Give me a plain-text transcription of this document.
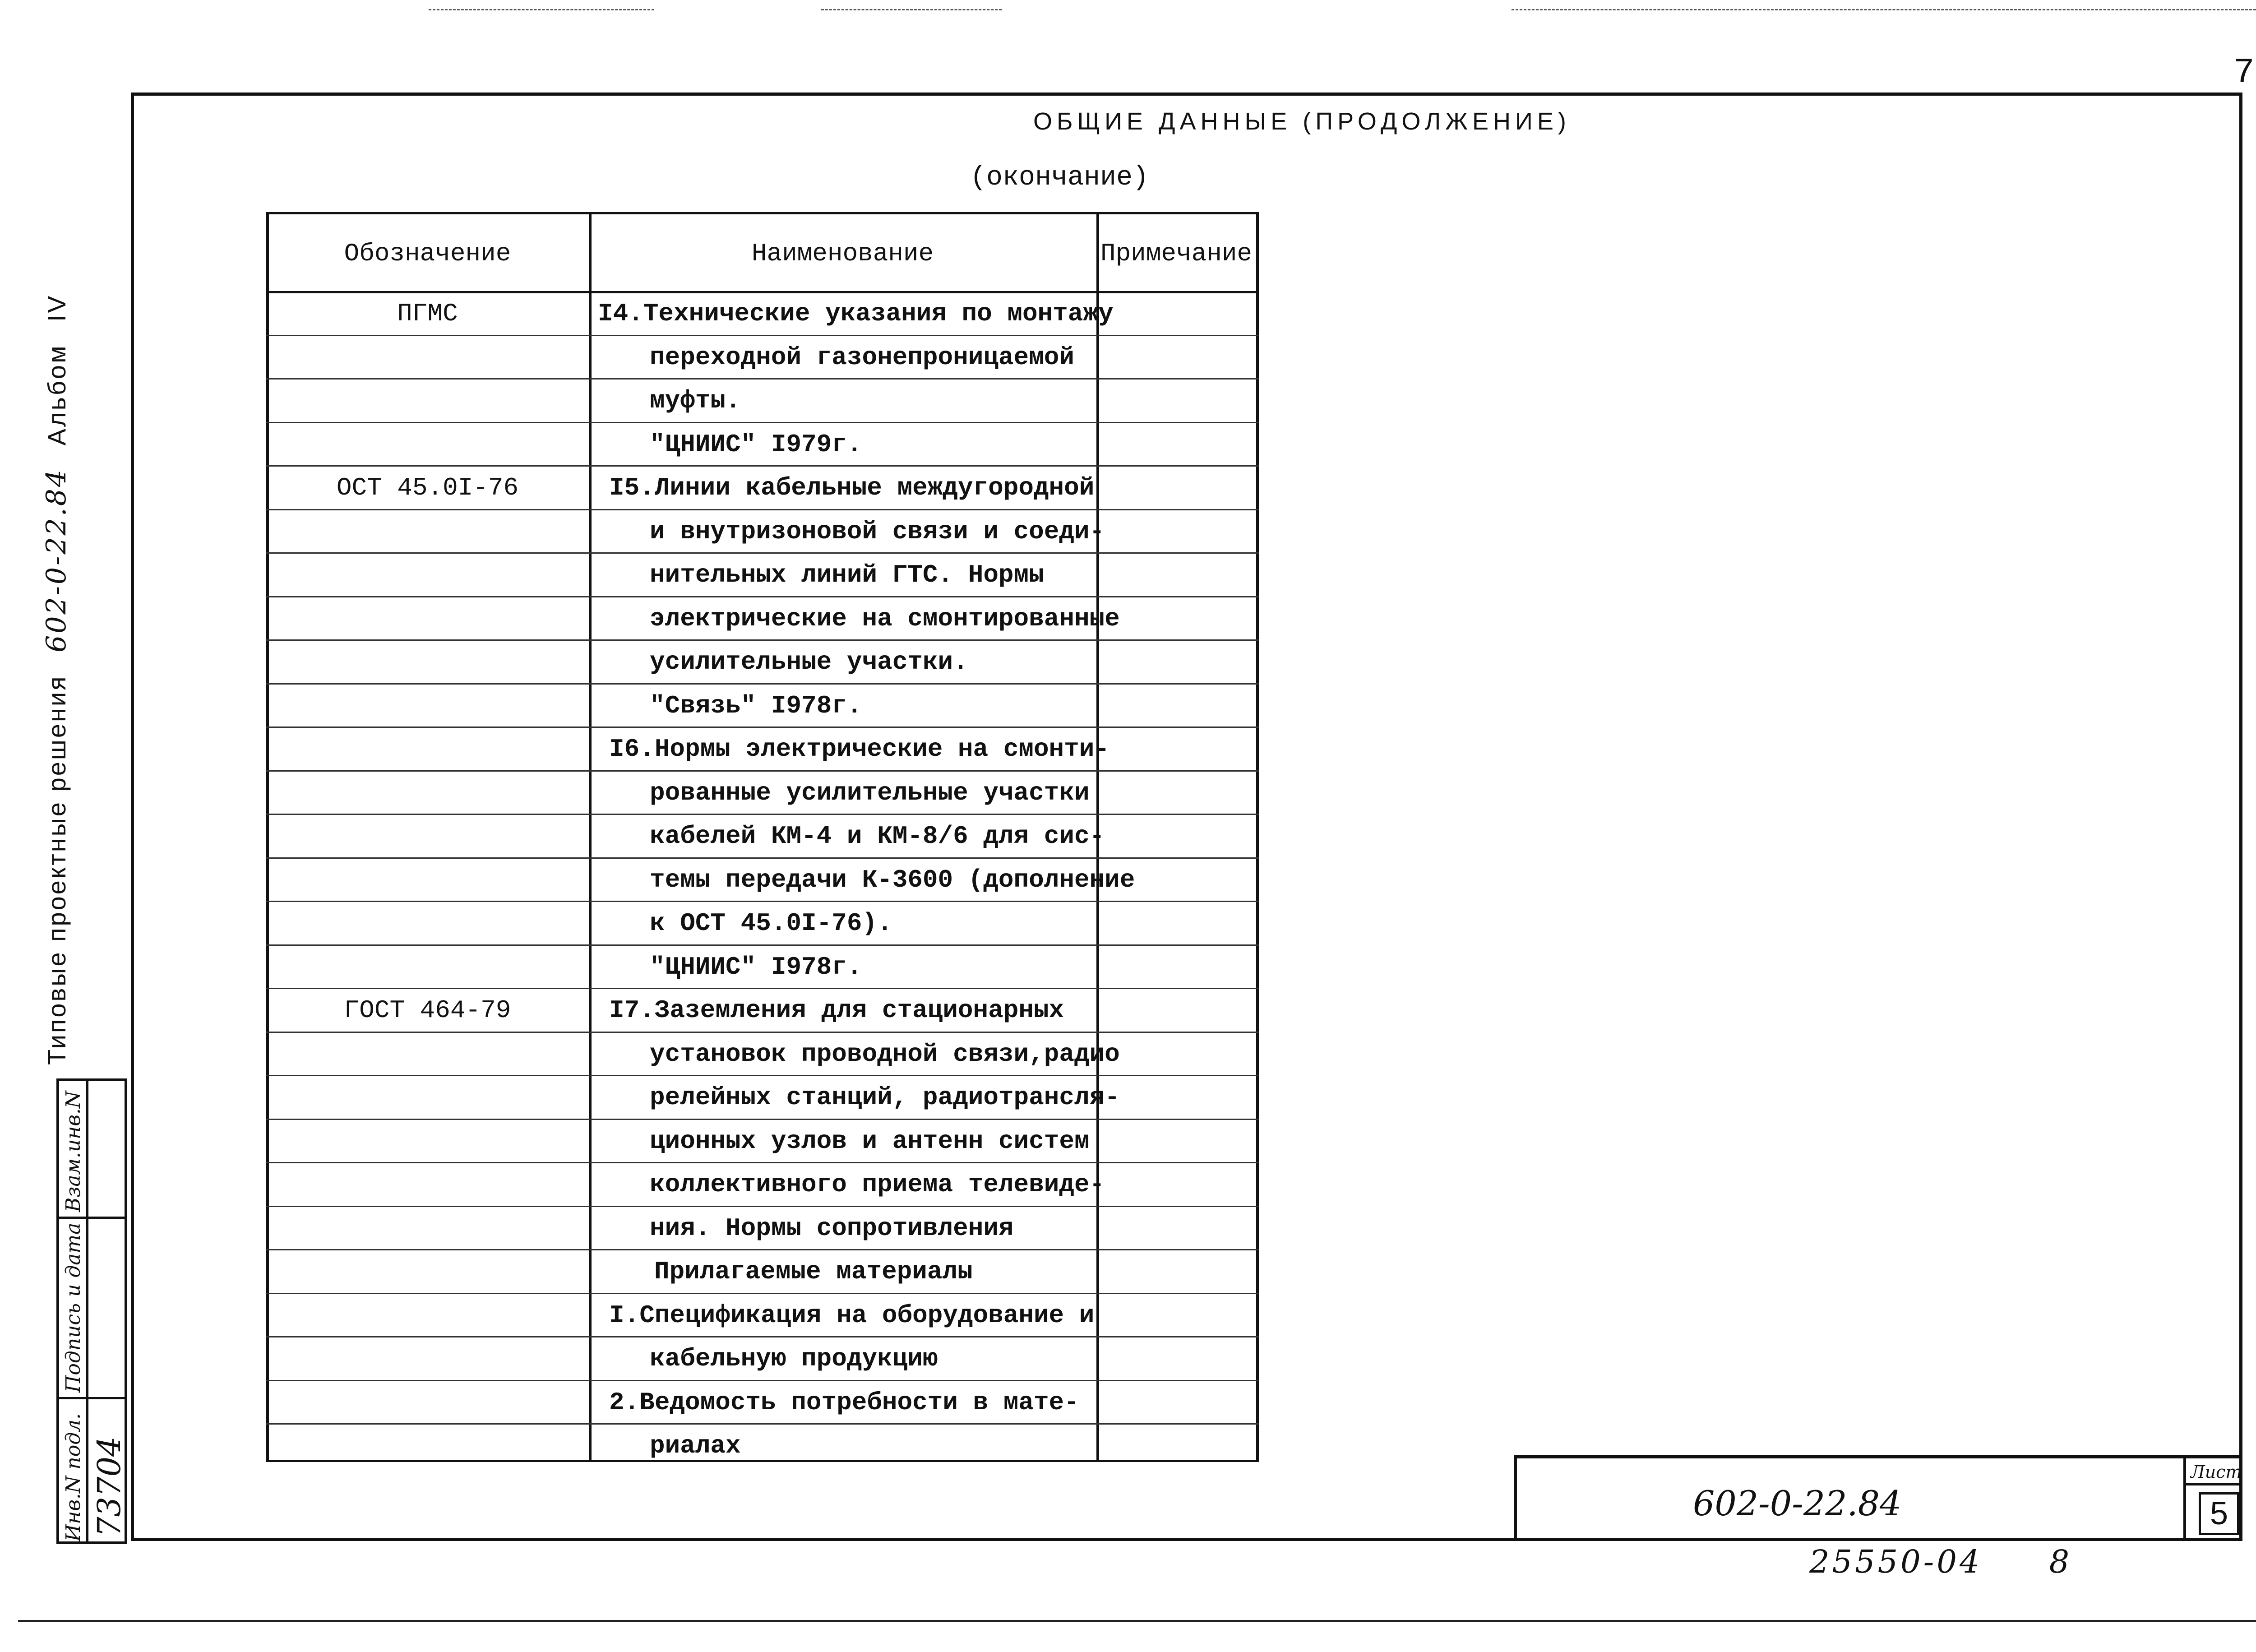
7
ОБЩИЕ ДАННЫЕ (ПРОДОЛЖЕНИЕ)
(окончание)
Типовые проектные решения 602-0-22.84 Альбом IV
Взам.инв.N
Подпись и дата
Инв.N подл. 73704
Обозначение	Наименование	Примечание
ПГМС	I4.Технические указания по монтажу
переходной газонепроницаемой
муфты.
"ЦНИИС" I979г.
ОСТ 45.0I-76	I5.Линии кабельные междугородной
и внутризоновой связи и соеди-
нительных линий ГТС. Нормы
электрические на смонтированные
усилительные участки.
"Связь" I978г.
I6.Нормы электрические на смонти-
рованные усилительные участки
кабелей КМ-4 и КМ-8/6 для сис-
темы передачи К-3600 (дополнение
к ОСТ 45.0I-76).
"ЦНИИС" I978г.
ГОСТ 464-79	I7.Заземления для стационарных
установок проводной связи,радио
релейных станций, радиотрансля-
ционных узлов и антенн систем
коллективного приема телевиде-
ния. Нормы сопротивления
Прилагаемые материалы
I.Спецификация на оборудование и
кабельную продукцию
2.Ведомость потребности в мате-
риалах
602-0-22.84
Лист
5
25550-04 8
